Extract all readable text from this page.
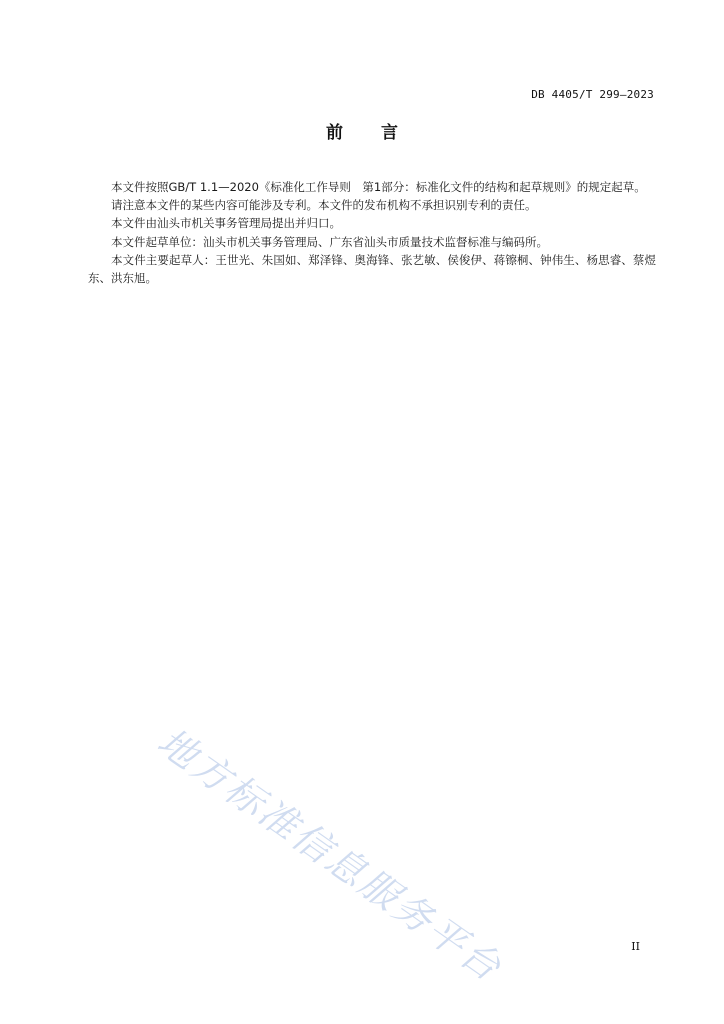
DB 4405/T 299—2023
前言

本文件按照GB/T 1.1—2020《标准化工作导则　第1部分：标准化文件的结构和起草规则》的规定起草。

请注意本文件的某些内容可能涉及专利。本文件的发布机构不承担识别专利的责任。

本文件由汕头市机关事务管理局提出并归口。

本文件起草单位：汕头市机关事务管理局、广东省汕头市质量技术监督标准与编码所。

本文件主要起草人：王世光、朱国如、郑泽锋、奥海锋、张艺敏、侯俊伊、蒋镲桐、钟伟生、杨思睿、蔡煜东、洪东旭。

地方标准信息服务平台	II
